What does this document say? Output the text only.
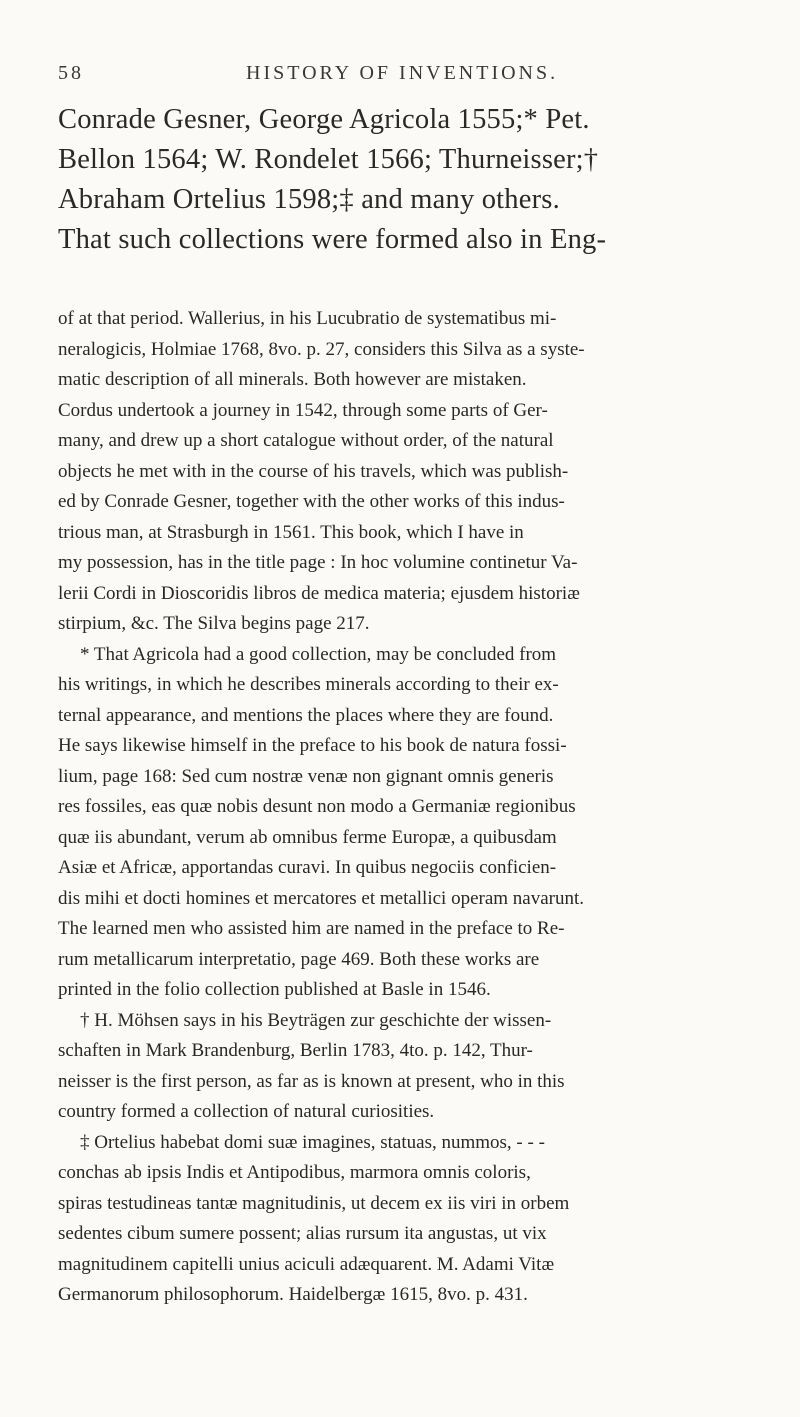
58	HISTORY OF INVENTIONS.
Conrade Gesner, George Agricola 1555;* Pet.
Bellon 1564; W. Rondelet 1566; Thurneisser;†
Abraham Ortelius 1598;‡ and many others.
That such collections were formed also in Eng-
of at that period. Wallerius, in his Lucubratio de systematibus mi-
neralogicis, Holmiae 1768, 8vo. p. 27, considers this Silva as a syste-
matic description of all minerals. Both however are mistaken.
Cordus undertook a journey in 1542, through some parts of Ger-
many, and drew up a short catalogue without order, of the natural
objects he met with in the course of his travels, which was publish-
ed by Conrade Gesner, together with the other works of this indus-
trious man, at Strasburgh in 1561. This book, which I have in
my possession, has in the title page : In hoc volumine continetur Va-
lerii Cordi in Dioscoridis libros de medica materia; ejusdem historiæ
stirpium, &c. The Silva begins page 217.
* That Agricola had a good collection, may be concluded from
his writings, in which he describes minerals according to their ex-
ternal appearance, and mentions the places where they are found.
He says likewise himself in the preface to his book de natura fossi-
lium, page 168: Sed cum nostræ venæ non gignant omnis generis
res fossiles, eas quæ nobis desunt non modo a Germaniæ regionibus
quæ iis abundant, verum ab omnibus ferme Europæ, a quibusdam
Asiæ et Africæ, apportandas curavi. In quibus negociis conficien-
dis mihi et docti homines et mercatores et metallici operam navarunt.
The learned men who assisted him are named in the preface to Re-
rum metallicarum interpretatio, page 469. Both these works are
printed in the folio collection published at Basle in 1546.
† H. Möhsen says in his Beyträgen zur geschichte der wissen-
schaften in Mark Brandenburg, Berlin 1783, 4to. p. 142, Thur-
neisser is the first person, as far as is known at present, who in this
country formed a collection of natural curiosities.
‡ Ortelius habebat domi suæ imagines, statuas, nummos, - - -
conchas ab ipsis Indis et Antipodibus, marmora omnis coloris,
spiras testudineas tantæ magnitudinis, ut decem ex iis viri in orbem
sedentes cibum sumere possent; alias rursum ita angustas, ut vix
magnitudinem capitelli unius aciculi adæquarent. M. Adami Vitæ
Germanorum philosophorum. Haidelbergæ 1615, 8vo. p. 431.
